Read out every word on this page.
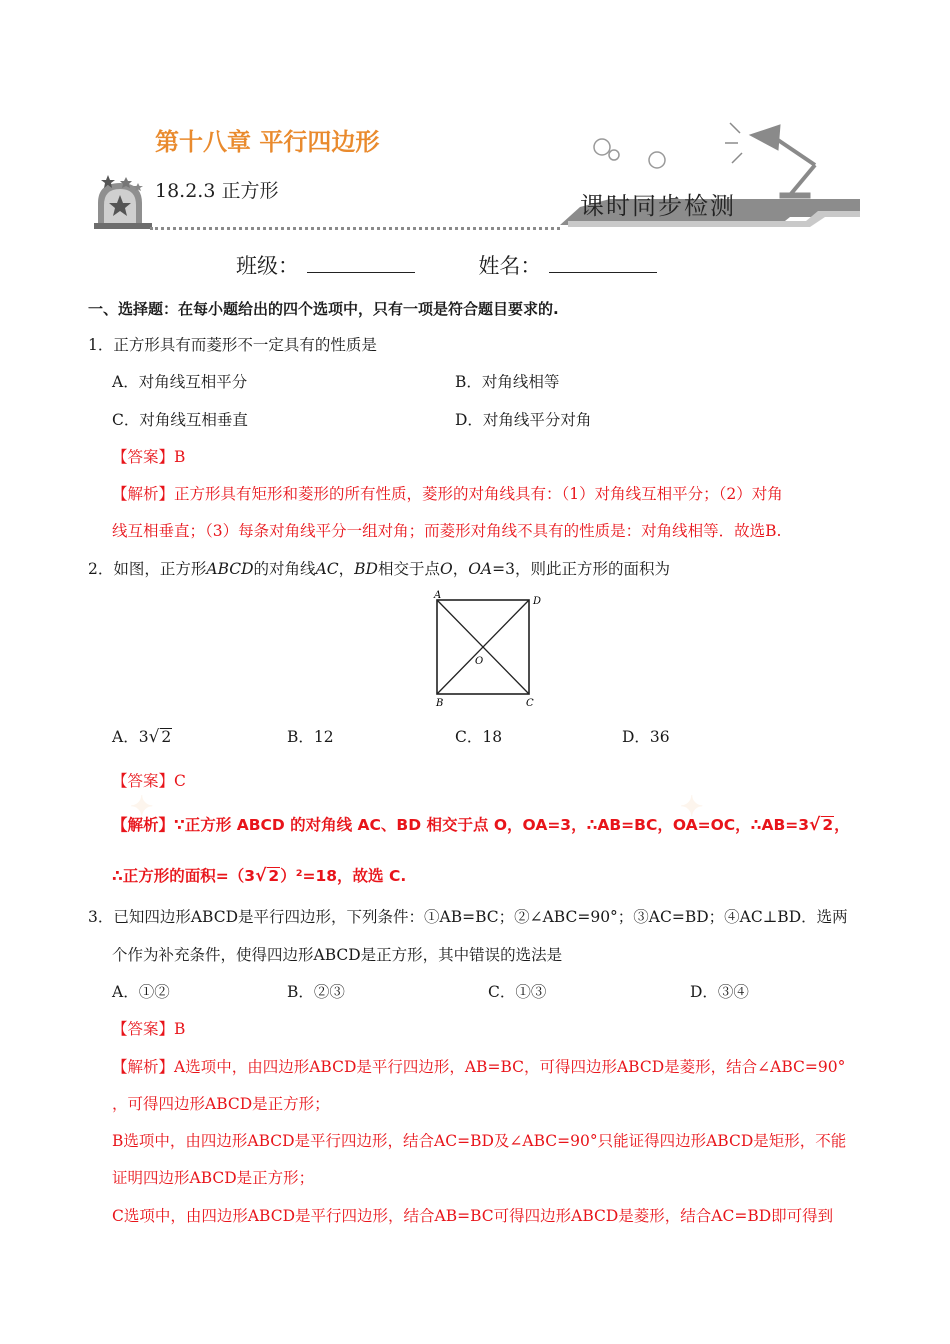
第十八章 平行四边形
18.2.3 正方形
课时同步检测
班级：	姓名：
一、选择题：在每小题给出的四个选项中，只有一项是符合题目要求的.
1．正方形具有而菱形不一定具有的性质是
A．对角线互相平分	B．对角线相等
C．对角线互相垂直	D．对角线平分对角
【答案】B
【解析】正方形具有矩形和菱形的所有性质，菱形的对角线具有：（1）对角线互相平分；（2）对角
线互相垂直；（3）每条对角线平分一组对角；而菱形对角线不具有的性质是：对角线相等．故选B.
2．如图，正方形ABCD的对角线AC，BD相交于点O，OA=3，则此正方形的面积为
A
D
B	C
O
A．3√ 2	B．12	C．18	D．36
【答案】C
✦	✦
【解析】∵正方形 ABCD 的对角线 AC、BD 相交于点 O，OA=3，∴AB=BC，OA=OC，∴AB=3√ 2，
∴正方形的面积=（3√ 2）²=18，故选 C.
3．已知四边形ABCD是平行四边形，下列条件：①AB=BC；②∠ABC=90°；③AC=BD；④AC⊥BD．选两
个作为补充条件，使得四边形ABCD是正方形，其中错误的选法是
A．①②	B．②③	C．①③	D．③④
【答案】B
【解析】A选项中，由四边形ABCD是平行四边形，AB=BC，可得四边形ABCD是菱形，结合∠ABC=90°
，可得四边形ABCD是正方形；
B选项中，由四边形ABCD是平行四边形，结合AC=BD及∠ABC=90°只能证得四边形ABCD是矩形，不能
证明四边形ABCD是正方形；
C选项中，由四边形ABCD是平行四边形，结合AB=BC可得四边形ABCD是菱形，结合AC=BD即可得到
